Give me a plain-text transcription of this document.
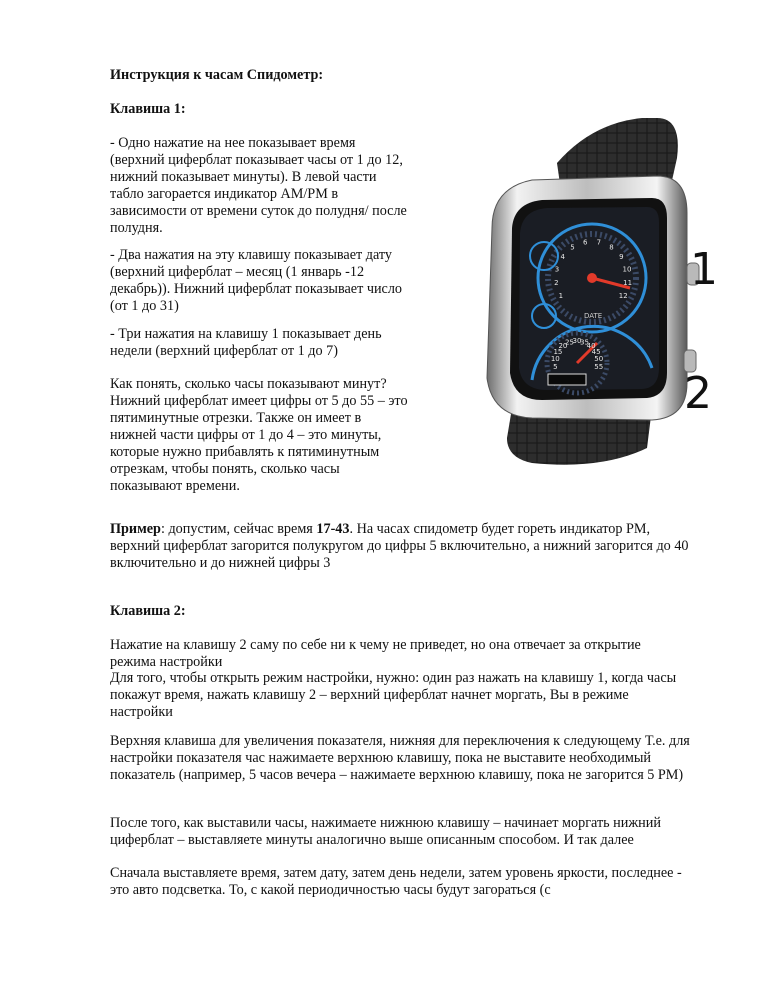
Инструкция к часам Спидометр:

Клавиша 1:

- Одно нажатие на нее показывает время (верхний циферблат показывает часы от 1 до 12, нижний показывает минуты). В левой части табло загорается индикатор AM/PM в зависимости от времени суток до полудня/ после полудня.

- Два нажатия на эту клавишу показывает дату (верхний циферблат – месяц (1 январь -12 декабрь)). Нижний циферблат показывает число (от 1 до 31)

- Три нажатия на клавишу 1 показывает день недели (верхний циферблат от 1 до 7)

Как понять, сколько часы показывают минут? Нижний циферблат имеет цифры от 5 до 55 – это пятиминутные отрезки. Также он имеет в нижней части цифры от 1 до 4 – это минуты, которые нужно прибавлять к пятиминутным отрезкам, чтобы понять, сколько часы показывают времени.

Пример: допустим, сейчас время 17-43. На часах спидометр будет гореть индикатор PM, верхний циферблат загорится полукругом до цифры 5 включительно, а нижний загорится до 40 включительно и до нижней цифры 3

Клавиша 2:

Нажатие на клавишу 2 саму по себе ни к чему не приведет, но она отвечает за открытие режима настройки

Для того, чтобы открыть режим настройки, нужно: один раз нажать на клавишу 1, когда часы покажут время, нажать клавишу 2 – верхний циферблат начнет моргать, Вы в режиме настройки

Верхняя клавиша для увеличения показателя, нижняя для переключения к следующему Т.е. для настройки показателя час нажимаете верхнюю клавишу, пока не выставите необходимый показатель (например, 5 часов вечера – нажимаете верхнюю клавишу, пока не загорится 5 PM)

После того, как выставили часы, нажимаете нижнюю клавишу – начинает моргать нижний циферблат – выставляете минуты аналогично выше описанным способом. И так далее

Сначала выставляете время, затем дату, затем день недели, затем уровень яркости, последнее - это авто подсветка. То, с какой периодичностью часы будут загораться (с

DATE
1
2
1
2
3
4
5
6 7
8
9
10
11
12
5
10
15
20
25
30
35
40
45
50
55
